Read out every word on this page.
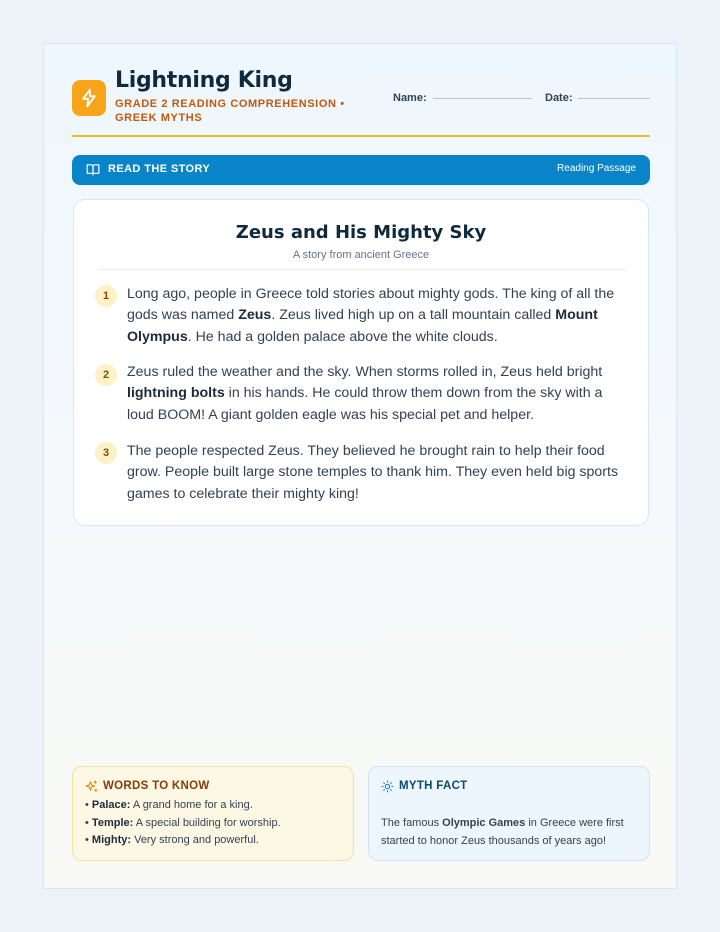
Lightning King
GRADE 2 READING COMPREHENSION • GREEK MYTHS
Name:	Date:
READ THE STORY	Reading Passage
Zeus and His Mighty Sky
A story from ancient Greece
1	Long ago, people in Greece told stories about mighty gods. The king of all the gods was named Zeus. Zeus lived high up on a tall mountain called Mount Olympus. He had a golden palace above the white clouds.
2	Zeus ruled the weather and the sky. When storms rolled in, Zeus held bright lightning bolts in his hands. He could throw them down from the sky with a loud BOOM! A giant golden eagle was his special pet and helper.
3	The people respected Zeus. They believed he brought rain to help their food grow. People built large stone temples to thank him. They even held big sports games to celebrate their mighty king!
WORDS TO KNOW
• Palace: A grand home for a king.
• Temple: A special building for worship.
• Mighty: Very strong and powerful.
MYTH FACT
The famous Olympic Games in Greece were first started to honor Zeus thousands of years ago!
